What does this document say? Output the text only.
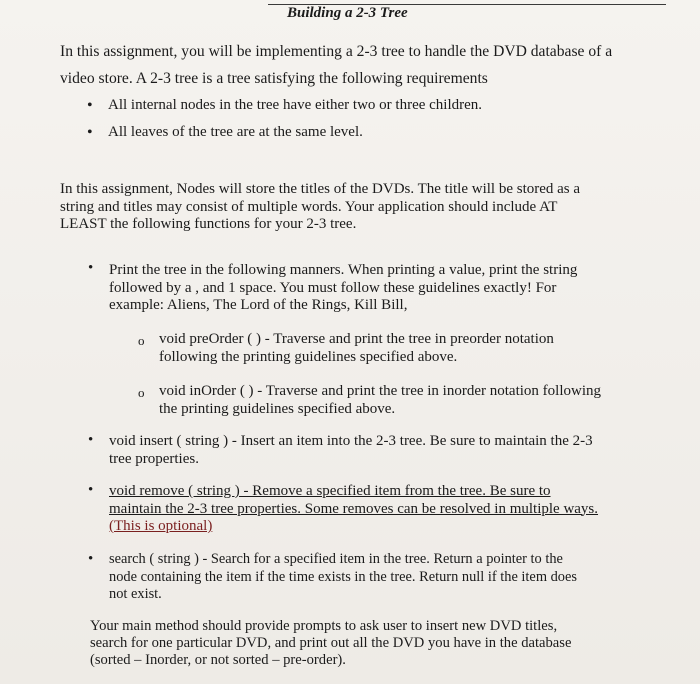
Building a 2-3 Tree
In this assignment, you will be implementing a 2-3 tree to handle the DVD database of a
video store. A 2-3 tree is a tree satisfying the following requirements
• All internal nodes in the tree have either two or three children.
• All leaves of the tree are at the same level.
In this assignment, Nodes will store the titles of the DVDs. The title will be stored as a
string and titles may consist of multiple words. Your application should include AT
LEAST the following functions for your 2-3 tree.
• Print the tree in the following manners. When printing a value, print the string
followed by a , and 1 space. You must follow these guidelines exactly! For
example: Aliens, The Lord of the Rings, Kill Bill,
o void preOrder ( ) - Traverse and print the tree in preorder notation
following the printing guidelines specified above.
o void inOrder ( ) - Traverse and print the tree in inorder notation following
the printing guidelines specified above.
• void insert ( string ) - Insert an item into the 2-3 tree. Be sure to maintain the 2-3
tree properties.
• void remove ( string ) - Remove a specified item from the tree. Be sure to
maintain the 2-3 tree properties. Some removes can be resolved in multiple ways.
(This is optional)
• search ( string ) - Search for a specified item in the tree. Return a pointer to the
node containing the item if the time exists in the tree. Return null if the item does
not exist.
Your main method should provide prompts to ask user to insert new DVD titles,
search for one particular DVD, and print out all the DVD you have in the database
(sorted – Inorder, or not sorted – pre-order).
